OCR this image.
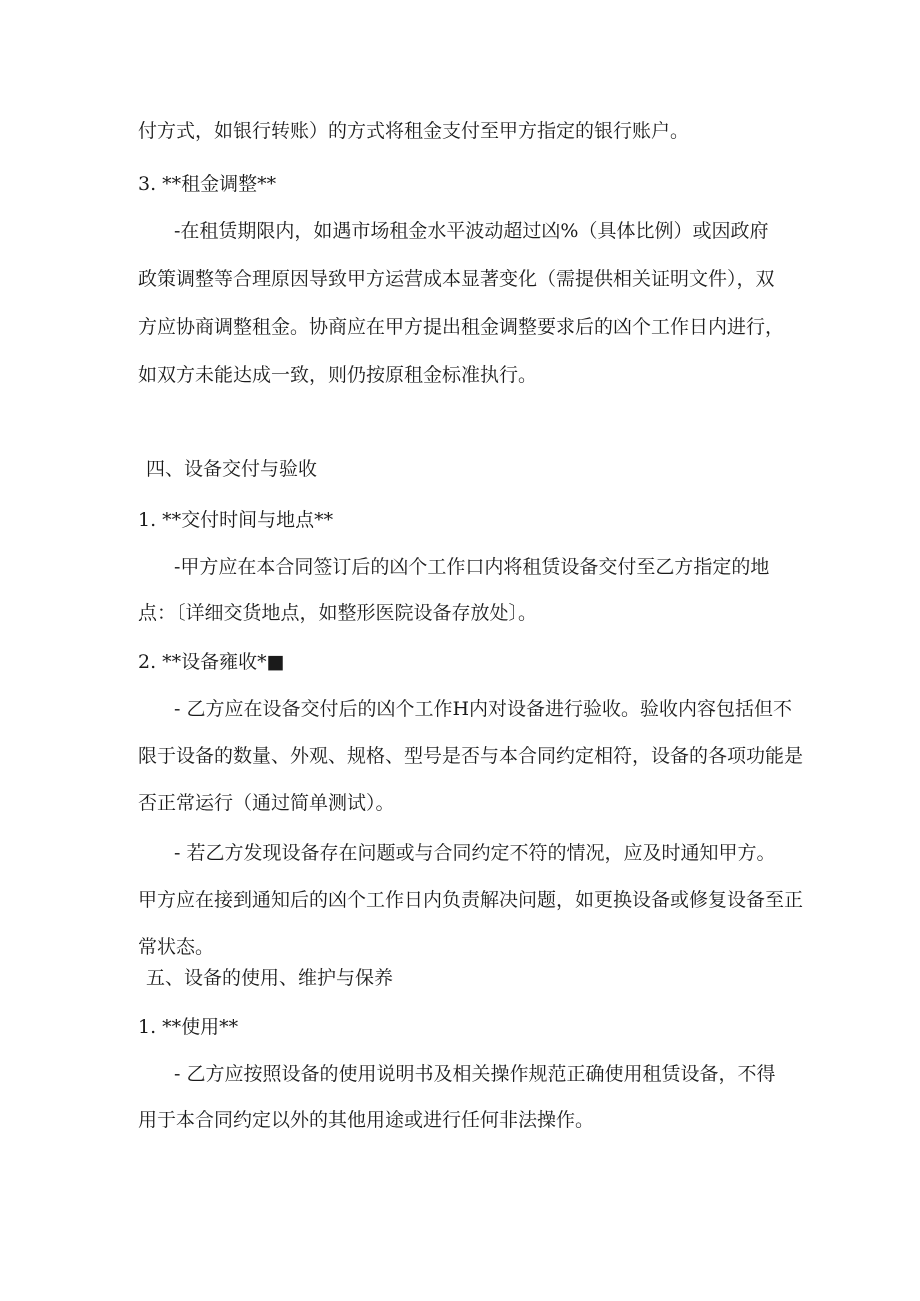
付方式，如银行转账）的方式将租金支付至甲方指定的银行账户。
3. **租金调整**
-在租赁期限内，如遇市场租金水平波动超过凶%（具体比例）或因政府
政策调整等合理原因导致甲方运营成本显著变化（需提供相关证明文件），双
方应协商调整租金。协商应在甲方提出租金调整要求后的凶个工作日内进行，
如双方未能达成一致，则仍按原租金标准执行。
四、设备交付与验收
1. **交付时间与地点**
-甲方应在本合同签订后的凶个工作口内将租赁设备交付至乙方指定的地
点：〔详细交货地点，如整形医院设备存放处〕。
2. **设备雍收*■
- 乙方应在设备交付后的凶个工作H内对设备进行验收。验收内容包括但不
限于设备的数量、外观、规格、型号是否与本合同约定相符，设备的各项功能是
否正常运行（通过简单测试）。
- 若乙方发现设备存在问题或与合同约定不符的情况，应及时通知甲方。
甲方应在接到通知后的凶个工作日内负责解决问题，如更换设备或修复设备至正
常状态。
五、设备的使用、维护与保养
1. **使用**
- 乙方应按照设备的使用说明书及相关操作规范正确使用租赁设备，不得
用于本合同约定以外的其他用途或进行任何非法操作。
